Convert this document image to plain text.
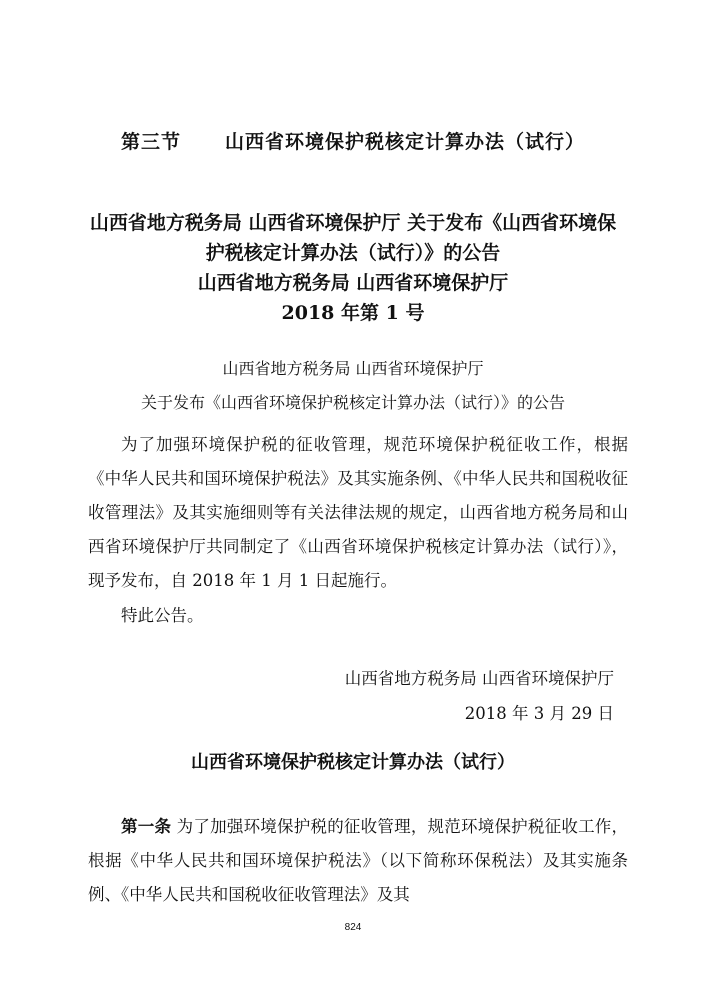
第三节 山西省环境保护税核定计算办法（试行）
山西省地方税务局 山西省环境保护厅 关于发布《山西省环境保
护税核定计算办法（试行）》的公告
山西省地方税务局 山西省环境保护厅
2018 年第 1 号
山西省地方税务局 山西省环境保护厅
关于发布《山西省环境保护税核定计算办法（试行）》的公告

为了加强环境保护税的征收管理，规范环境保护税征收工作，根据《中华人民共和国环境保护税法》及其实施条例、《中华人民共和国税收征收管理法》及其实施细则等有关法律法规的规定，山西省地方税务局和山西省环境保护厅共同制定了《山西省环境保护税核定计算办法（试行）》，现予发布，自 2018 年 1 月 1 日起施行。

特此公告。

山西省地方税务局 山西省环境保护厅
2018 年 3 月 29 日
山西省环境保护税核定计算办法（试行）

第一条 为了加强环境保护税的征收管理，规范环境保护税征收工作，根据《中华人民共和国环境保护税法》（以下简称环保税法）及其实施条例、《中华人民共和国税收征收管理法》及其

824
